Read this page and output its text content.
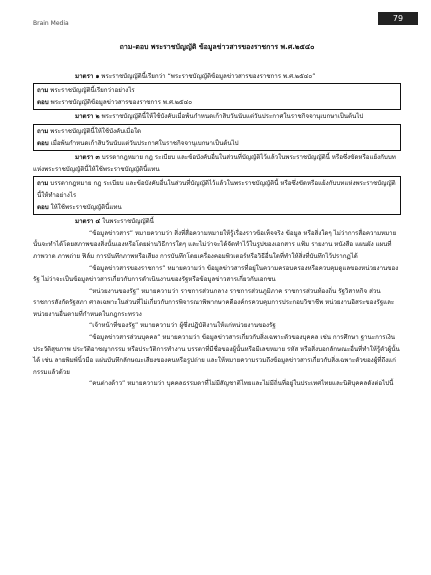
Brain Media
79
ถาม-ตอบ พระราชบัญญัติ ข้อมูลข่าวสารของราชการ พ.ศ.๒๕๔๐

มาตรา ๑ พระราชบัญญัตินี้เรียกว่า “พระราชบัญญัติข้อมูลข่าวสารของราชการ พ.ศ.๒๕๔๐”

ถาม พระราชบัญญัตินี้เรียกว่าอย่างไร
ตอบ พระราชบัญญัติข้อมูลข่าวสารของราชการ พ.ศ.๒๕๔๐

มาตรา ๒ พระราชบัญญัตินี้ให้ใช้บังคับเมื่อพ้นกำหนดเก้าสิบวันนับแต่วันประกาศในราชกิจจานุเบกษาเป็นต้นไป

ถาม พระราชบัญญัตินี้ให้ใช้บังคับเมื่อใด
ตอบ เมื่อพ้นกำหนดเก้าสิบวันนับแต่วันประกาศในราชกิจจานุเบกษาเป็นต้นไป

มาตรา ๓ บรรดากฎหมาย กฎ ระเบียบ และข้อบังคับอื่นในส่วนที่บัญญัติไว้แล้วในพระราชบัญญัตินี้ หรือซึ่งขัดหรือแย้งกับบทแห่งพระราชบัญญัตินี้ให้ใช้พระราชบัญญัตินี้แทน

ถาม บรรดากฎหมาย กฎ ระเบียบ และข้อบังคับอื่นในส่วนที่บัญญัติไว้แล้วในพระราชบัญญัตินี้ หรือซึ่งขัดหรือแย้งกับบทแห่งพระราชบัญญัตินี้ให้ทำอย่างไร
ตอบ ให้ใช้พระราชบัญญัตินี้แทน

มาตรา ๔ ในพระราชบัญญัตินี้

“ข้อมูลข่าวสาร” หมายความว่า สิ่งที่สื่อความหมายให้รู้เรื่องราวข้อเท็จจริง ข้อมูล หรือสิ่งใดๆ ไม่ว่าการสื่อความหมายนั้นจะทำได้โดยสภาพของสิ่งนั้นเองหรือโดยผ่านวิธีการใดๆ และไม่ว่าจะได้จัดทำไว้ในรูปของเอกสาร แฟ้ม รายงาน หนังสือ แผนผัง แผนที่ภาพวาด ภาพถ่าย ฟิล์ม การบันทึกภาพหรือเสียง การบันทึกโดยเครื่องคอมพิวเตอร์หรือวิธีอื่นใดที่ทำให้สิ่งที่บันทึกไว้ปรากฏได้

“ข้อมูลข่าวสารของราชการ” หมายความว่า ข้อมูลข่าวสารที่อยู่ในความครอบครองหรือควบคุมดูแลของหน่วยงานของรัฐ ไม่ว่าจะเป็นข้อมูลข่าวสารเกี่ยวกับการดำเนินงานของรัฐหรือข้อมูลข่าวสารเกี่ยวกับเอกชน

“หน่วยงานของรัฐ” หมายความว่า ราชการส่วนกลาง ราชการส่วนภูมิภาค ราชการส่วนท้องถิ่น รัฐวิสาหกิจ ส่วนราชการสังกัดรัฐสภา ศาลเฉพาะในส่วนที่ไม่เกี่ยวกับการพิจารณาพิพากษาคดีองค์กรควบคุมการประกอบวิชาชีพ หน่วยงานอิสระของรัฐและหน่วยงานอื่นตามที่กำหนดในกฎกระทรวง

“เจ้าหน้าที่ของรัฐ” หมายความว่า ผู้ซึ่งปฏิบัติงานให้แก่หน่วยงานของรัฐ

“ข้อมูลข่าวสารส่วนบุคคล” หมายความว่า ข้อมูลข่าวสารเกี่ยวกับสิ่งเฉพาะตัวของบุคคล เช่น การศึกษา ฐานะการเงิน ประวัติสุขภาพ ประวัติอาชญากรรม หรือประวัติการทำงาน บรรดาที่มีชื่อของผู้นั้นหรือมีเลขหมาย รหัส หรือสิ่งบอกลักษณะอื่นที่ทำให้รู้ตัวผู้นั้นได้ เช่น ลายพิมพ์นิ้วมือ แผ่นบันทึกลักษณะเสียงของคนหรือรูปถ่าย และให้หมายความรวมถึงข้อมูลข่าวสารเกี่ยวกับสิ่งเฉพาะตัวของผู้ที่ถึงแก่กรรมแล้วด้วย

“คนต่างด้าว” หมายความว่า บุคคลธรรมดาที่ไม่มีสัญชาติไทยและไม่มีถิ่นที่อยู่ในประเทศไทยและนิติบุคคลดังต่อไปนี้
